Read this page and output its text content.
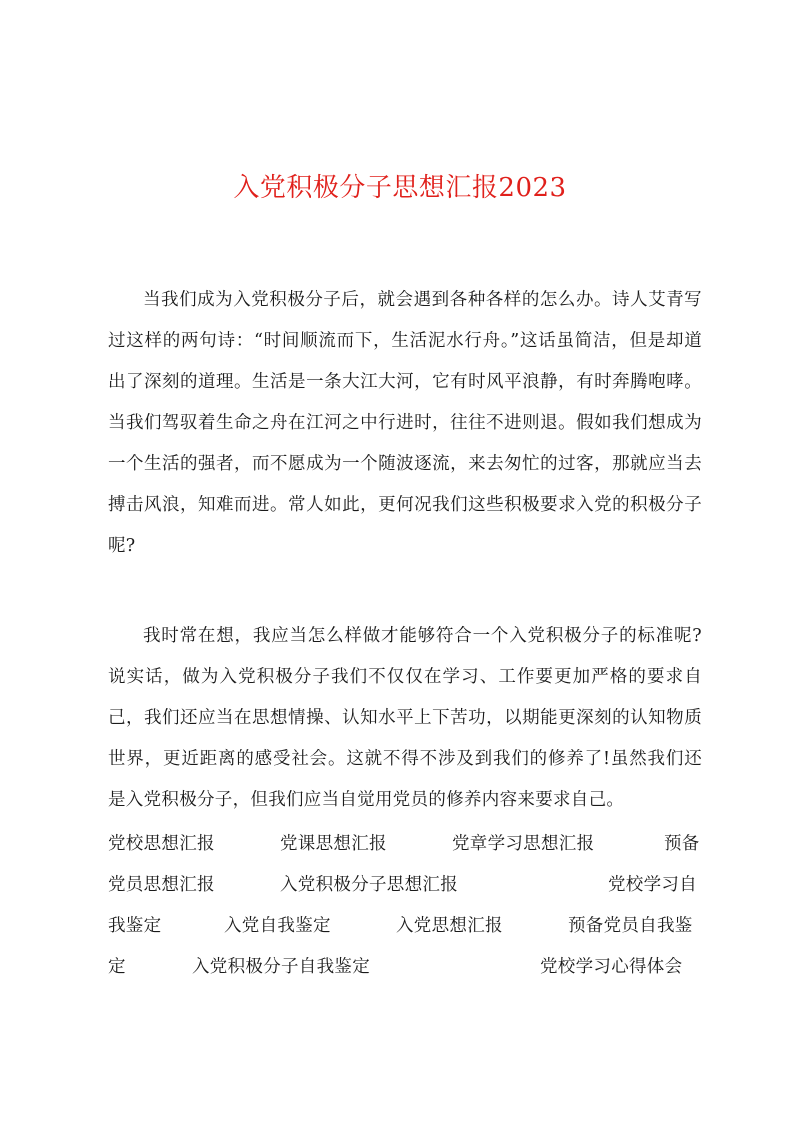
入党积极分子思想汇报2023

当我们成为入党积极分子后，就会遇到各种各样的怎么办。诗人艾青写过这样的两句诗：“时间顺流而下，生活泥水行舟。”这话虽简洁，但是却道出了深刻的道理。生活是一条大江大河，它有时风平浪静，有时奔腾咆哮。当我们驾驭着生命之舟在江河之中行进时，往往不进则退。假如我们想成为一个生活的强者，而不愿成为一个随波逐流，来去匆忙的过客，那就应当去搏击风浪，知难而进。常人如此，更何况我们这些积极要求入党的积极分子呢?

我时常在想，我应当怎么样做才能够符合一个入党积极分子的标准呢?说实话，做为入党积极分子我们不仅仅在学习、工作要更加严格的要求自己，我们还应当在思想情操、认知水平上下苦功，以期能更深刻的认知物质世界，更近距离的感受社会。这就不得不涉及到我们的修养了!虽然我们还是入党积极分子，但我们应当自觉用党员的修养内容来要求自己。

党校思想汇报	党课思想汇报	党章学习思想汇报	预备
党员思想汇报	入党积极分子思想汇报	党校学习自
我鉴定	入党自我鉴定	入党思想汇报	预备党员自我鉴
定	入党积极分子自我鉴定	党校学习心得体会
